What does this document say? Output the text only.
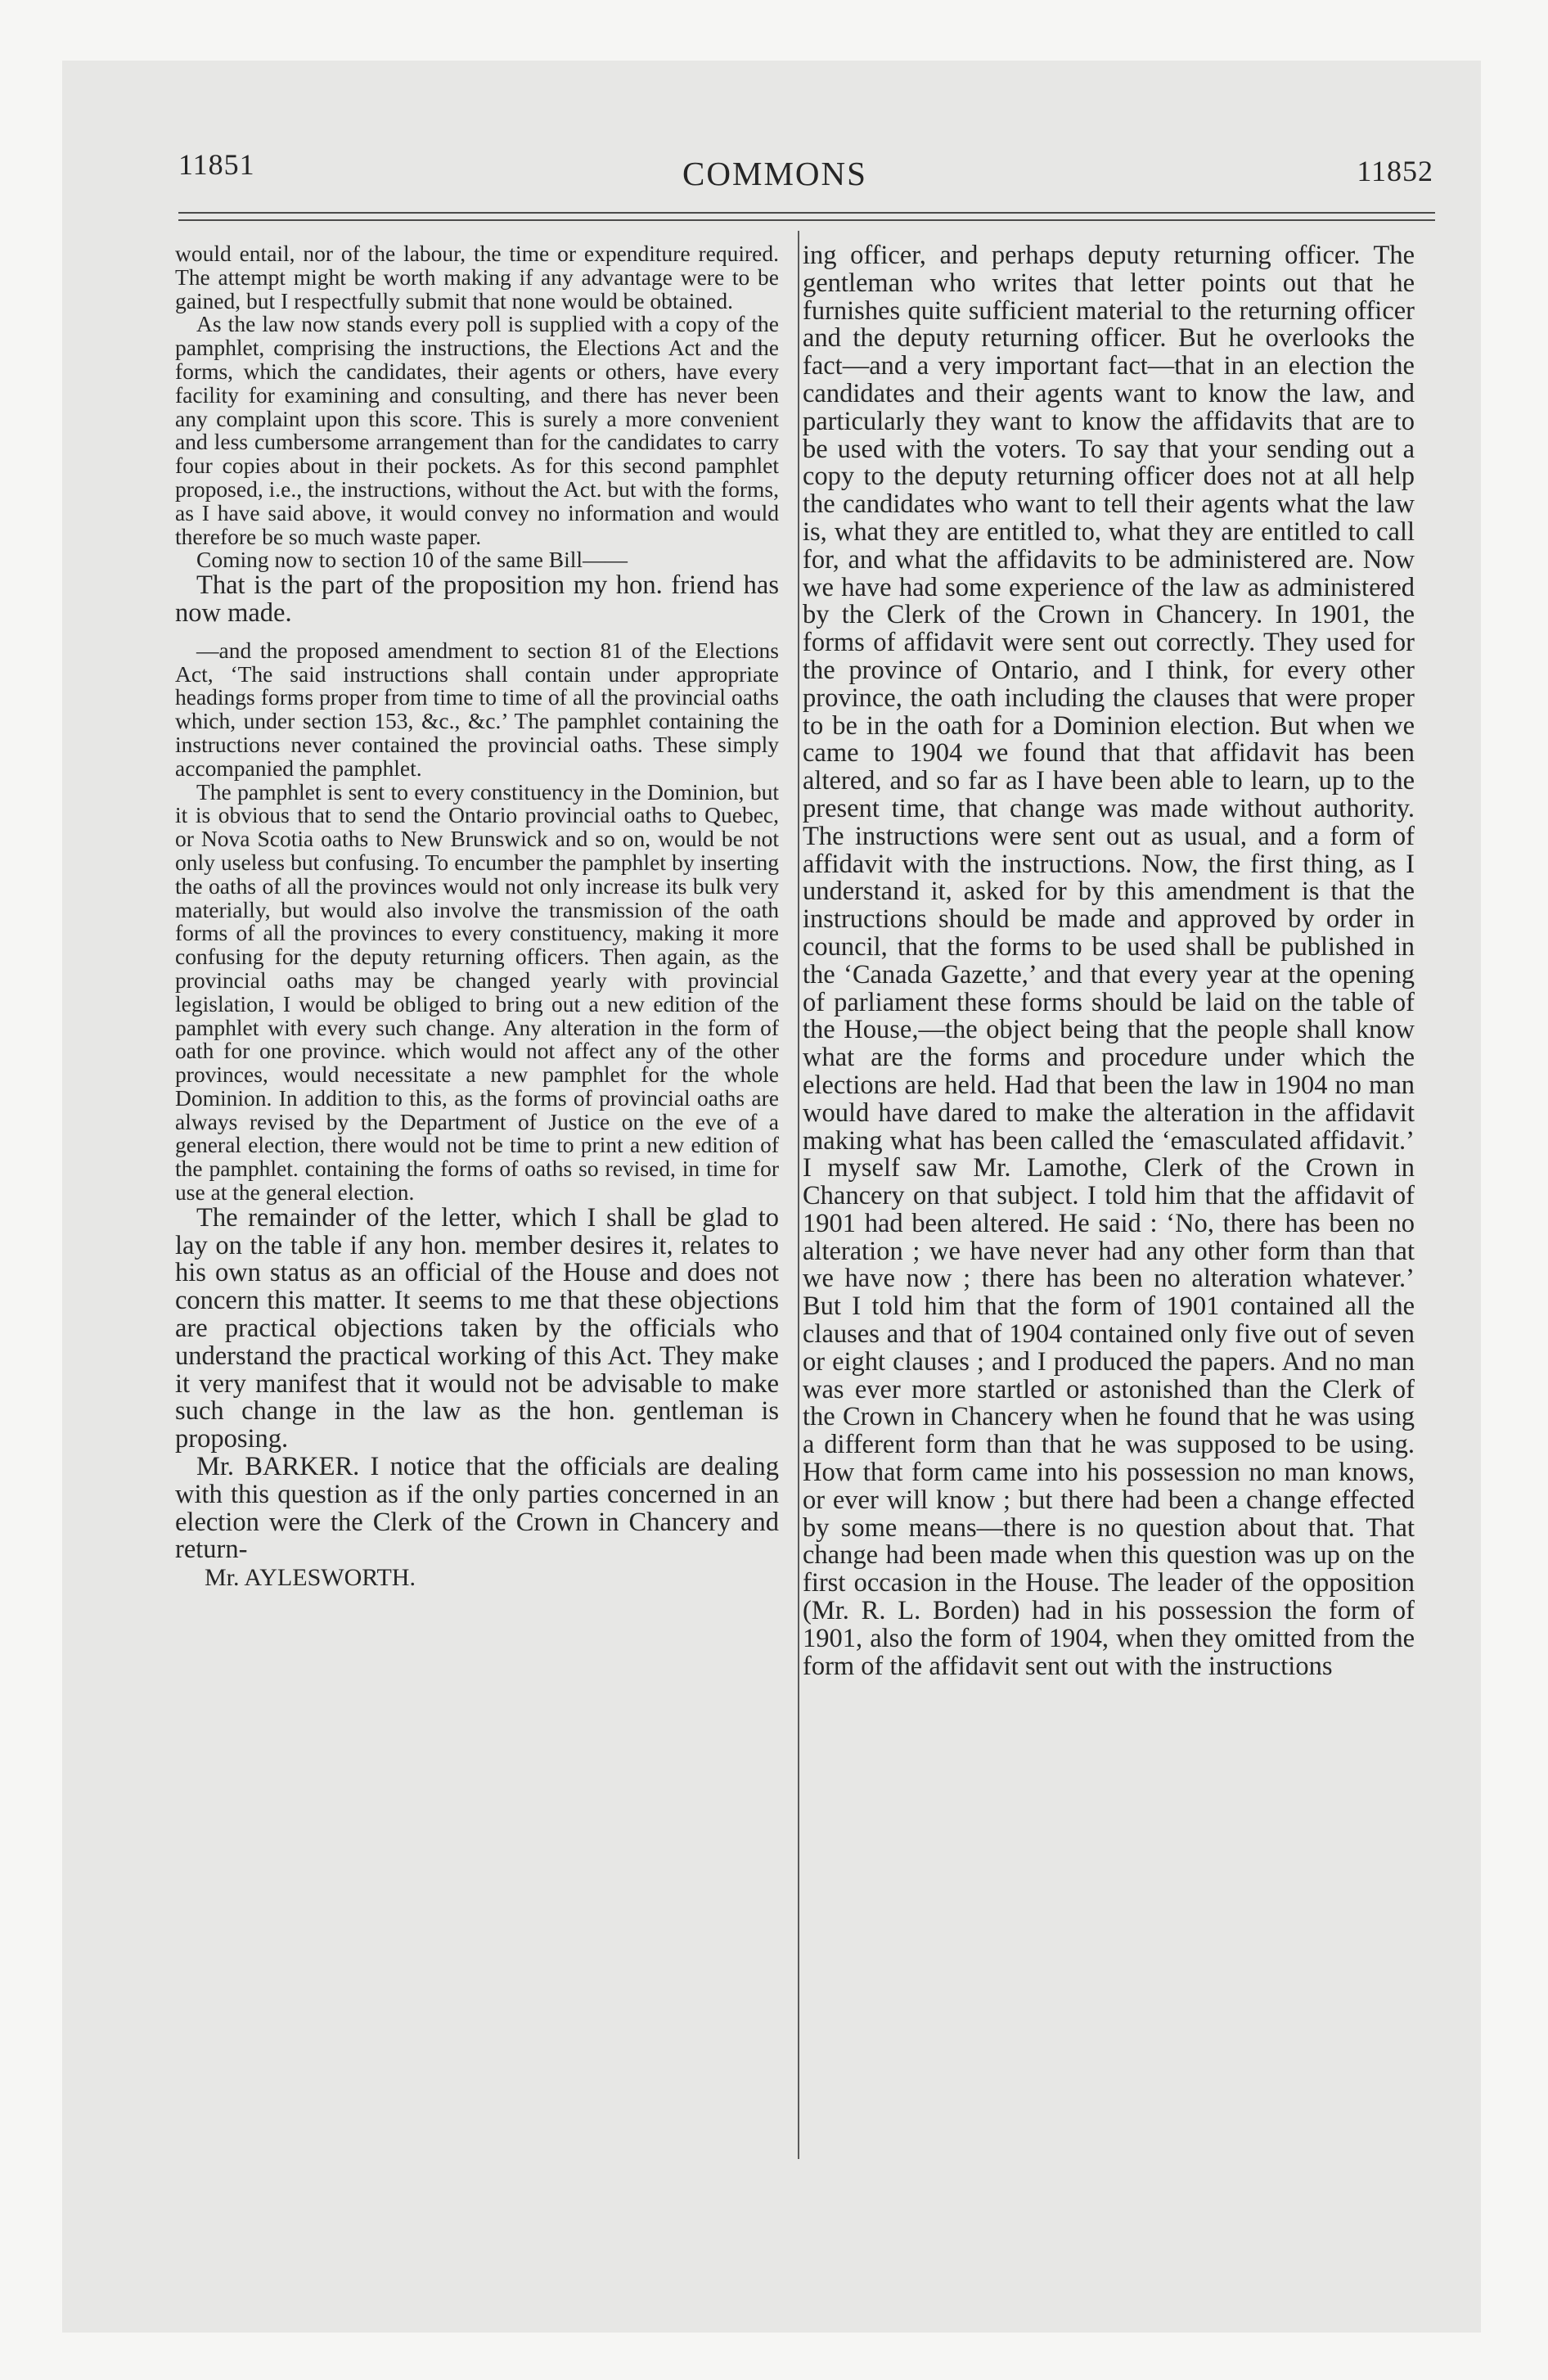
11851	COMMONS	11852

would entail, nor of the labour, the time or expenditure required. The attempt might be worth making if any advantage were to be gained, but I respectfully submit that none would be obtained.

As the law now stands every poll is supplied with a copy of the pamphlet, comprising the instructions, the Elections Act and the forms, which the candidates, their agents or others, have every facility for examining and consulting, and there has never been any complaint upon this score. This is surely a more convenient and less cumbersome arrangement than for the candidates to carry four copies about in their pockets. As for this second pamphlet proposed, i.e., the instructions, without the Act. but with the forms, as I have said above, it would convey no information and would therefore be so much waste paper.

Coming now to section 10 of the same Bill——

That is the part of the proposition my hon. friend has now made.

—and the proposed amendment to section 81 of the Elections Act, ‘The said instructions shall contain under appropriate headings forms proper from time to time of all the provincial oaths which, under section 153, &c., &c.’ The pamphlet containing the instructions never contained the provincial oaths. These simply accompanied the pamphlet.

The pamphlet is sent to every constituency in the Dominion, but it is obvious that to send the Ontario provincial oaths to Quebec, or Nova Scotia oaths to New Brunswick and so on, would be not only useless but confusing. To encumber the pamphlet by inserting the oaths of all the provinces would not only increase its bulk very materially, but would also involve the transmission of the oath forms of all the provinces to every constituency, making it more confusing for the deputy returning officers. Then again, as the provincial oaths may be changed yearly with provincial legislation, I would be obliged to bring out a new edition of the pamphlet with every such change. Any alteration in the form of oath for one province. which would not affect any of the other provinces, would necessitate a new pamphlet for the whole Dominion. In addition to this, as the forms of provincial oaths are always revised by the Department of Justice on the eve of a general election, there would not be time to print a new edition of the pamphlet. containing the forms of oaths so revised, in time for use at the general election.

The remainder of the letter, which I shall be glad to lay on the table if any hon. member desires it, relates to his own status as an official of the House and does not concern this matter. It seems to me that these objections are practical objections taken by the officials who understand the practical working of this Act. They make it very manifest that it would not be advisable to make such change in the law as the hon. gentleman is proposing.

Mr. BARKER. I notice that the officials are dealing with this question as if the only parties concerned in an election were the Clerk of the Crown in Chancery and return-

Mr. AYLESWORTH.

ing officer, and perhaps deputy returning officer. The gentleman who writes that letter points out that he furnishes quite sufficient material to the returning officer and the deputy returning officer. But he overlooks the fact—and a very important fact—that in an election the candidates and their agents want to know the law, and particularly they want to know the affidavits that are to be used with the voters. To say that your sending out a copy to the deputy returning officer does not at all help the candidates who want to tell their agents what the law is, what they are entitled to, what they are entitled to call for, and what the affidavits to be administered are. Now we have had some experience of the law as administered by the Clerk of the Crown in Chancery. In 1901, the forms of affidavit were sent out correctly. They used for the province of Ontario, and I think, for every other province, the oath including the clauses that were proper to be in the oath for a Dominion election. But when we came to 1904 we found that that affidavit has been altered, and so far as I have been able to learn, up to the present time, that change was made without authority. The instructions were sent out as usual, and a form of affidavit with the instructions. Now, the first thing, as I understand it, asked for by this amendment is that the instructions should be made and approved by order in council, that the forms to be used shall be published in the ‘Canada Gazette,’ and that every year at the opening of parliament these forms should be laid on the table of the House,—the object being that the people shall know what are the forms and procedure under which the elections are held. Had that been the law in 1904 no man would have dared to make the alteration in the affidavit making what has been called the ‘emasculated affidavit.’ I myself saw Mr. Lamothe, Clerk of the Crown in Chancery on that subject. I told him that the affidavit of 1901 had been altered. He said : ‘No, there has been no alteration ; we have never had any other form than that we have now ; there has been no alteration whatever.’ But I told him that the form of 1901 contained all the clauses and that of 1904 contained only five out of seven or eight clauses ; and I produced the papers. And no man was ever more startled or astonished than the Clerk of the Crown in Chancery when he found that he was using a different form than that he was supposed to be using. How that form came into his possession no man knows, or ever will know ; but there had been a change effected by some means—there is no question about that. That change had been made when this question was up on the first occasion in the House. The leader of the opposition (Mr. R. L. Borden) had in his possession the form of 1901, also the form of 1904, when they omitted from the form of the affidavit sent out with the instructions
